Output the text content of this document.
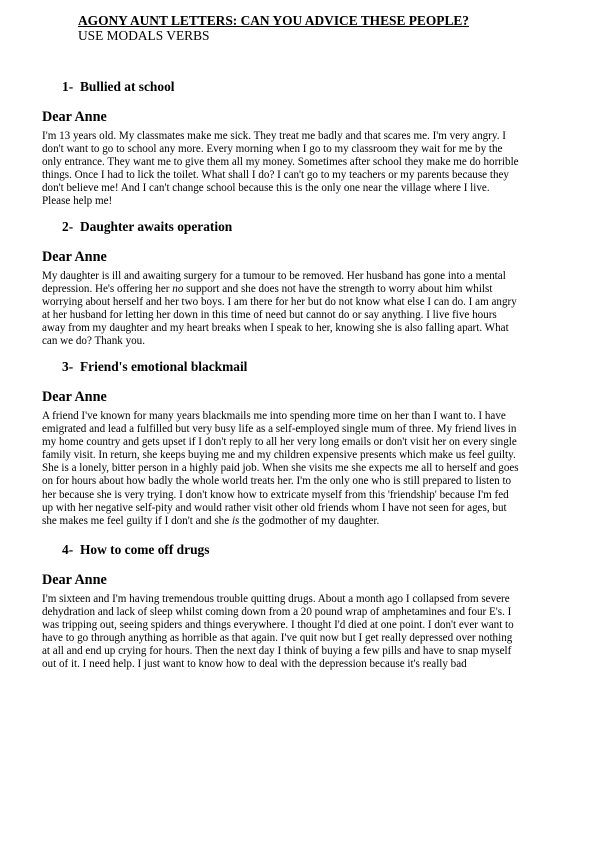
AGONY AUNT LETTERS: CAN YOU ADVICE THESE PEOPLE?
USE MODALS VERBS
1- Bullied at school
Dear Anne
I'm 13 years old. My classmates make me sick. They treat me badly and that scares me. I'm very angry. I
don't want to go to school any more. Every morning when I go to my classroom they wait for me by the
only entrance. They want me to give them all my money. Sometimes after school they make me do horrible
things. Once I had to lick the toilet. What shall I do? I can't go to my teachers or my parents because they
don't believe me! And I can't change school because this is the only one near the village where I live.
Please help me!
2- Daughter awaits operation
Dear Anne
My daughter is ill and awaiting surgery for a tumour to be removed. Her husband has gone into a mental
depression. He's offering her no support and she does not have the strength to worry about him whilst
worrying about herself and her two boys. I am there for her but do not know what else I can do. I am angry
at her husband for letting her down in this time of need but cannot do or say anything. I live five hours
away from my daughter and my heart breaks when I speak to her, knowing she is also falling apart. What
can we do? Thank you.
3- Friend's emotional blackmail
Dear Anne
A friend I've known for many years blackmails me into spending more time on her than I want to. I have
emigrated and lead a fulfilled but very busy life as a self-employed single mum of three. My friend lives in
my home country and gets upset if I don't reply to all her very long emails or don't visit her on every single
family visit. In return, she keeps buying me and my children expensive presents which make us feel guilty.
She is a lonely, bitter person in a highly paid job. When she visits me she expects me all to herself and goes
on for hours about how badly the whole world treats her. I'm the only one who is still prepared to listen to
her because she is very trying. I don't know how to extricate myself from this 'friendship' because I'm fed
up with her negative self-pity and would rather visit other old friends whom I have not seen for ages, but
she makes me feel guilty if I don't and she is the godmother of my daughter.
4- How to come off drugs
Dear Anne
I'm sixteen and I'm having tremendous trouble quitting drugs. About a month ago I collapsed from severe
dehydration and lack of sleep whilst coming down from a 20 pound wrap of amphetamines and four E's. I
was tripping out, seeing spiders and things everywhere. I thought I'd died at one point. I don't ever want to
have to go through anything as horrible as that again. I've quit now but I get really depressed over nothing
at all and end up crying for hours. Then the next day I think of buying a few pills and have to snap myself
out of it. I need help. I just want to know how to deal with the depression because it's really bad
